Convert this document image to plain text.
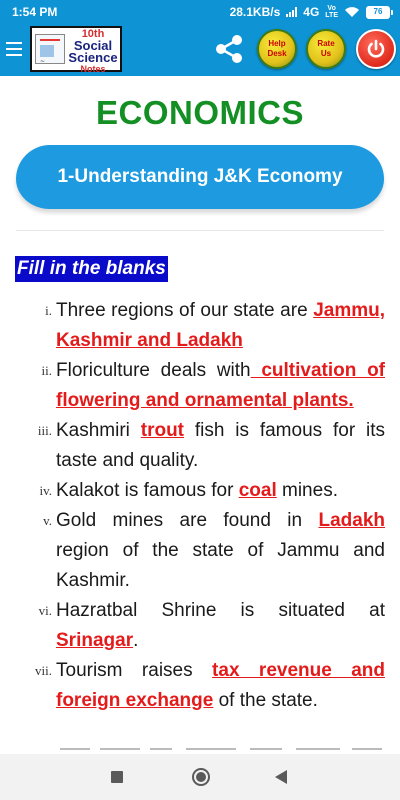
1:54 PM	28.1KB/s 4G	Vo
LTE	76
~
10th
Social
Science
Notes
Help
Desk
Rate
Us
ECONOMICS
1-Understanding J&K Economy
Fill in the blanks
i. Three regions of our state are Jammu, Kashmir and Ladakh
ii. Floriculture deals with cultivation of flowering and ornamental plants.
iii. Kashmiri trout fish is famous for its taste and quality.
iv. Kalakot is famous for coal mines.
v. Gold mines are found in Ladakh region of the state of Jammu and Kashmir.
vi. Hazratbal Shrine is situated at Srinagar.
vii. Tourism raises tax revenue and foreign exchange of the state.
